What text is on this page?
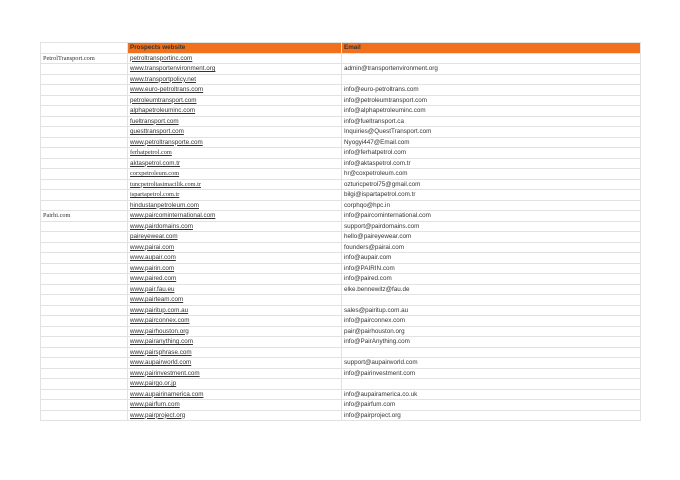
	Prospects website	Email
PetrolTransport.com	petroltransportinc.com	
	www.transportenvironment.org	admin@transportenvironment.org
	www.transportpolicy.net	
	www.euro-petroltrans.com	info@euro-petroltrans.com
	petroleumtransport.com	info@petroleumtransport.com
	alphapetroleuminc.com	info@alphapetroleuminc.com
	fueltransport.com	info@fueltransport.ca
	questtransport.com	Inquiries@QuestTransport.com
	www.petroltransporte.com	Nyogyi447@Email.com
	ferhatpetrol.com	info@ferhatpetrol.com
	aktaspetrol.com.tr	info@aktaspetrol.com.tr
	corxpetroleum.com	hr@coxpetroleum.com
	tuncpetroltasimacilik.com.tr	ozturicpetrol75@gmail.com
	ispartapetrol.com.tr	bilgi@ispartapetrol.com.tr
	hindustanpetroleum.com	corphqo@hpc.in
Pairhi.com	www.paircominternational.com	info@paircominternational.com
	www.pairdomains.com	support@pairdomains.com
	paireyewear.com	hello@paireyewear.com
	www.pairai.com	founders@pairai.com
	www.aupair.com	info@aupair.com
	www.pairin.com	info@PAIRIN.com
	www.paired.com	info@paired.com
	www.pair.fau.eu	elke.bennewitz@fau.de
	www.pairteam.com	
	www.pairitup.com.au	sales@pairitup.com.au
	www.pairconnex.com	info@pairconnex.com
	www.pairhouston.org	pair@pairhouston.org
	www.pairanything.com	info@PairAnything.com
	www.pairsphrase.com	
	www.aupairworld.com	support@aupairworld.com
	www.pairinvestment.com	info@pairinvestment.com
	www.pairgo.or.jp	
	www.aupairinamerica.com	info@aupairamerica.co.uk
	www.pairfum.com	info@pairfum.com
	www.pairproject.org	info@pairproject.org
